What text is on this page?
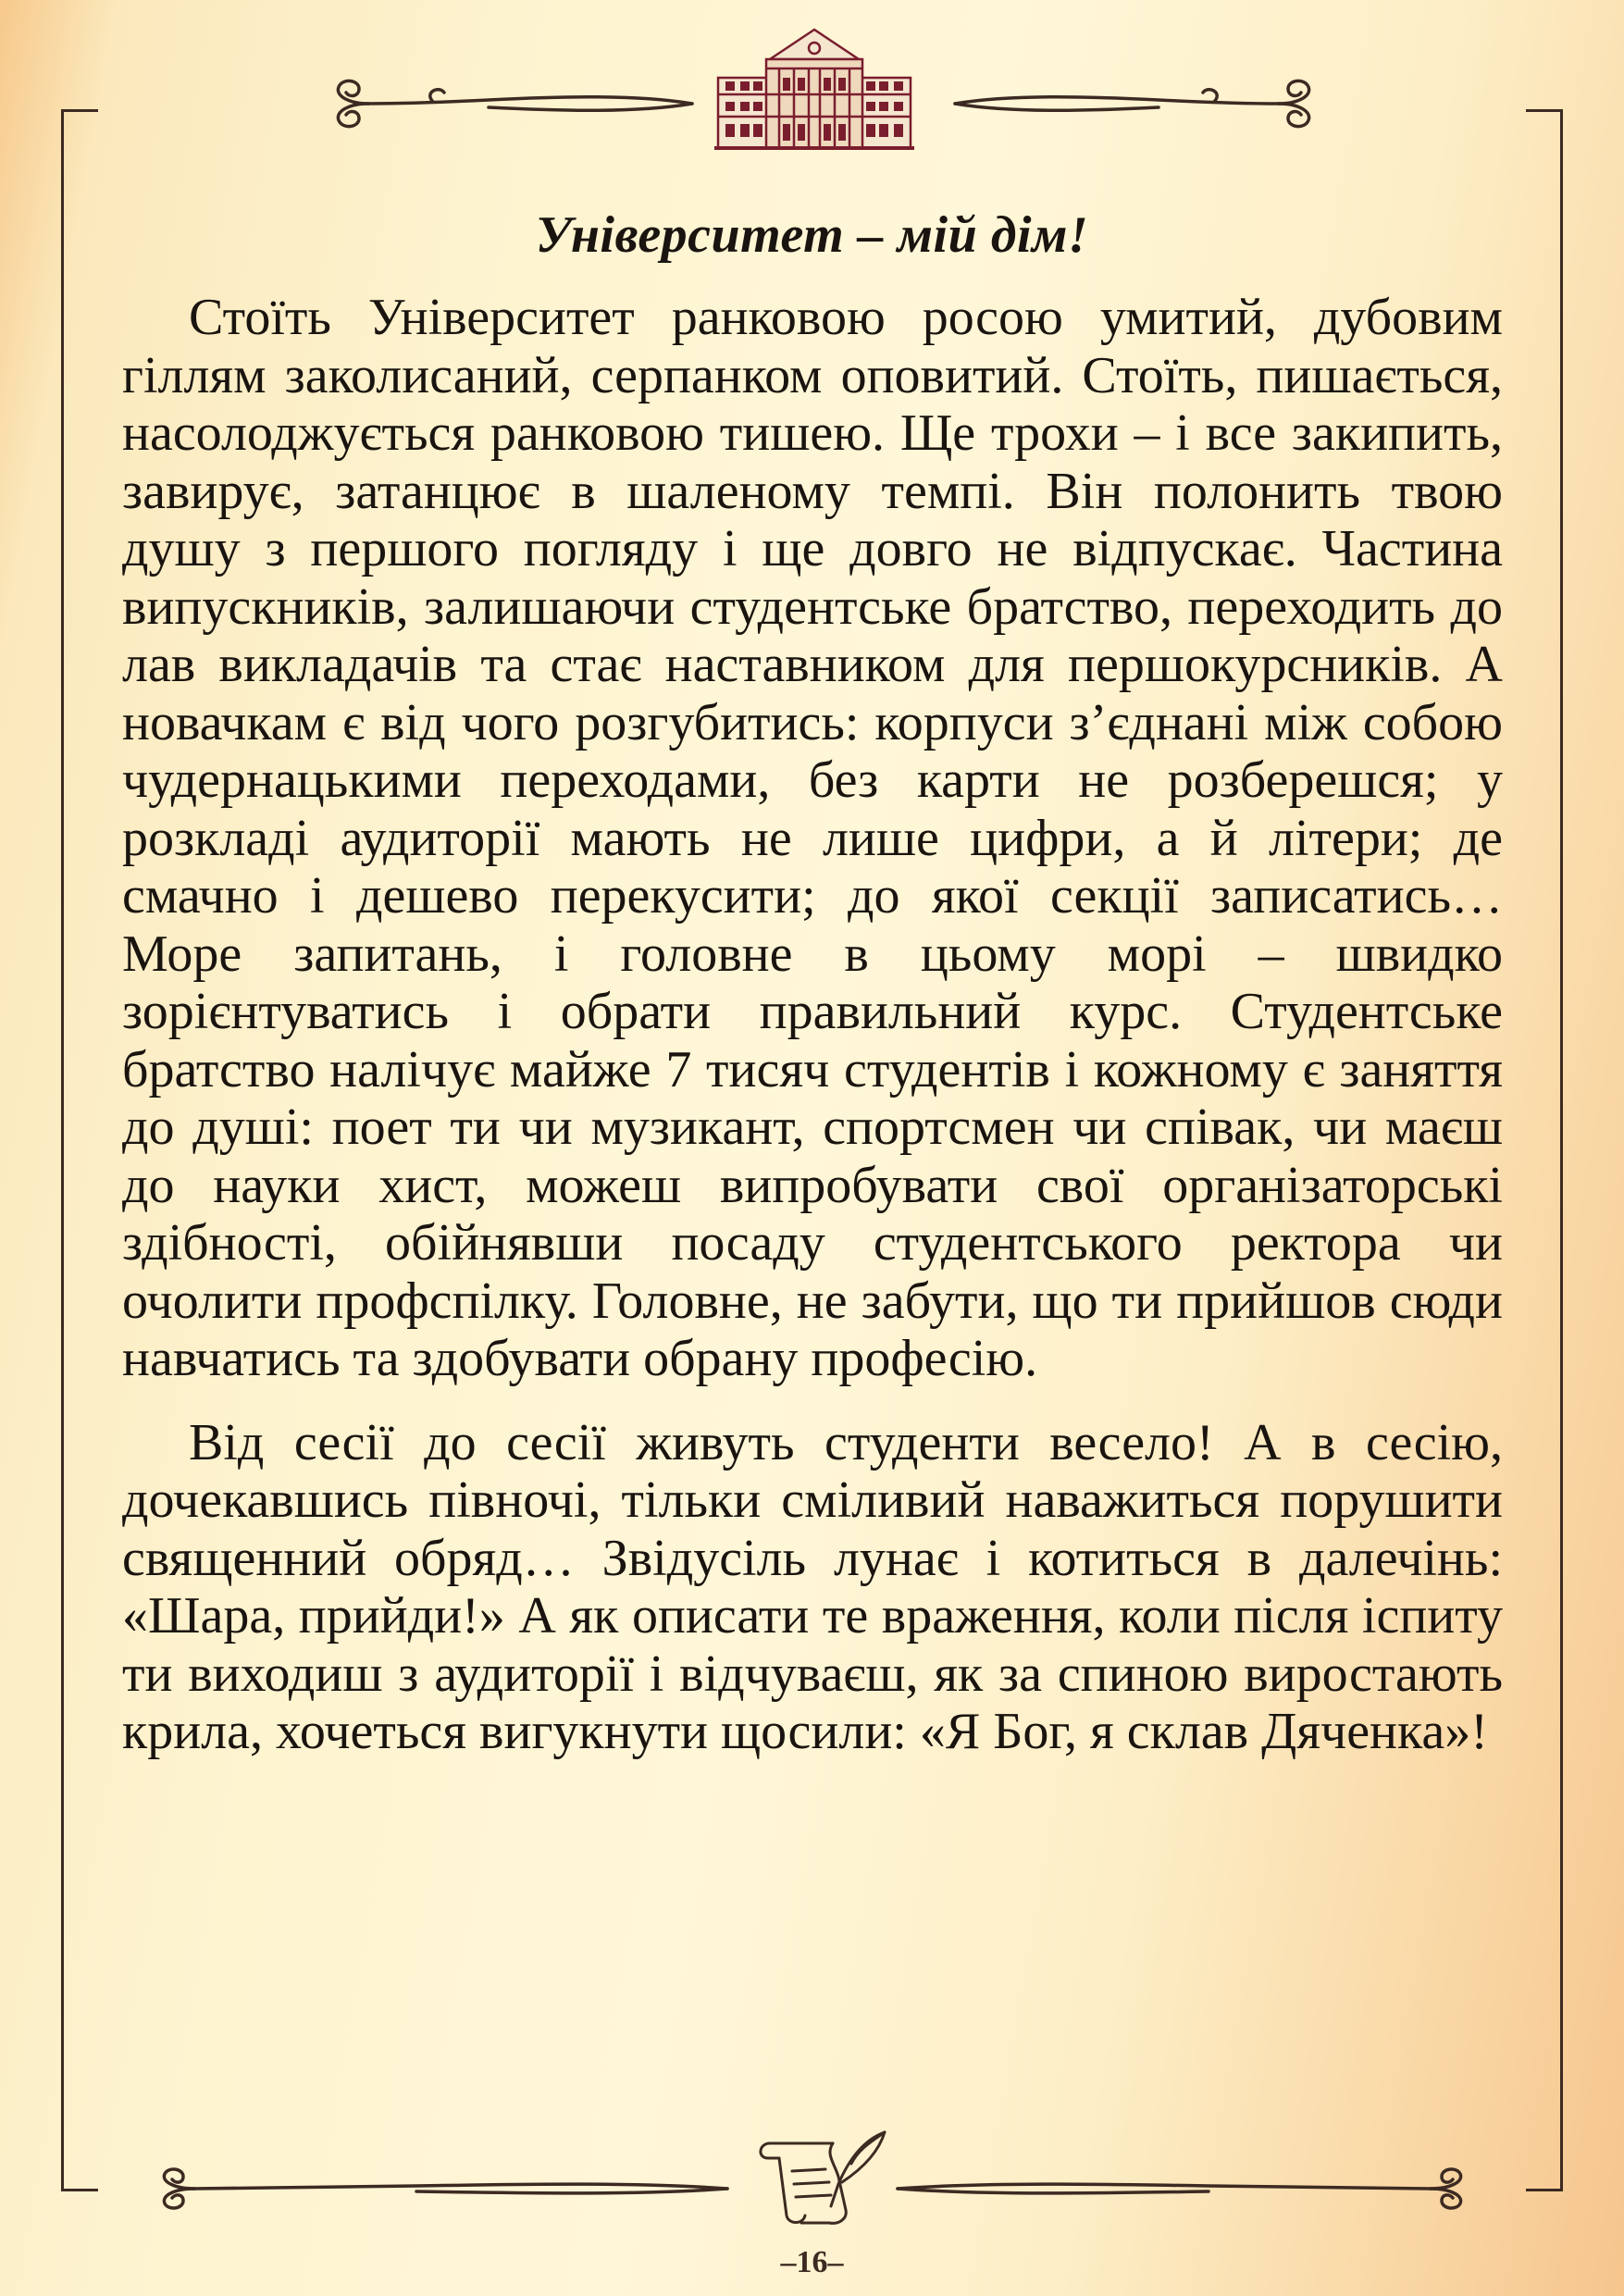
Університет – мій дім!

Стоїть Університет ранковою росою умитий, дубовим гіллям заколисаний, серпанком оповитий. Стоїть, пишається, насолоджується ранковою тишею. Ще трохи – і все закипить, завирує, затанцює в шаленому темпі. Він полонить твою душу з першого погляду і ще довго не відпускає. Частина випускників, залишаючи студентське братство, переходить до лав викладачів та стає наставником для першокурсників. А новачкам є від чого розгубитись: корпуси з’єднані між собою чудернацькими переходами, без карти не розберешся; у розкладі аудиторії мають не лише цифри, а й літери; де смачно і дешево перекусити; до якої секції записатись… Море запитань, і головне в цьому морі – швидко зорієнтуватись і обрати правильний курс. Студентське братство налічує майже 7 тисяч студентів і кожному є заняття до душі: поет ти чи музикант, спортсмен чи співак, чи маєш до науки хист, можеш випробувати свої організаторські здібності, обійнявши посаду студентського ректора чи очолити профспілку. Головне, не забути, що ти прийшов сюди навчатись та здобувати обрану професію.

Від сесії до сесії живуть студенти весело! А в сесію, дочекавшись півночі, тільки сміливий наважиться порушити священний обряд… Звідусіль лунає і котиться в далечінь: «Шара, прийди!» А як описати те враження, коли після іспиту ти виходиш з аудиторії і відчуваєш, як за спиною виростають крила, хочеться вигукнути щосили: «Я Бог, я склав Дяченка»!

–16–
